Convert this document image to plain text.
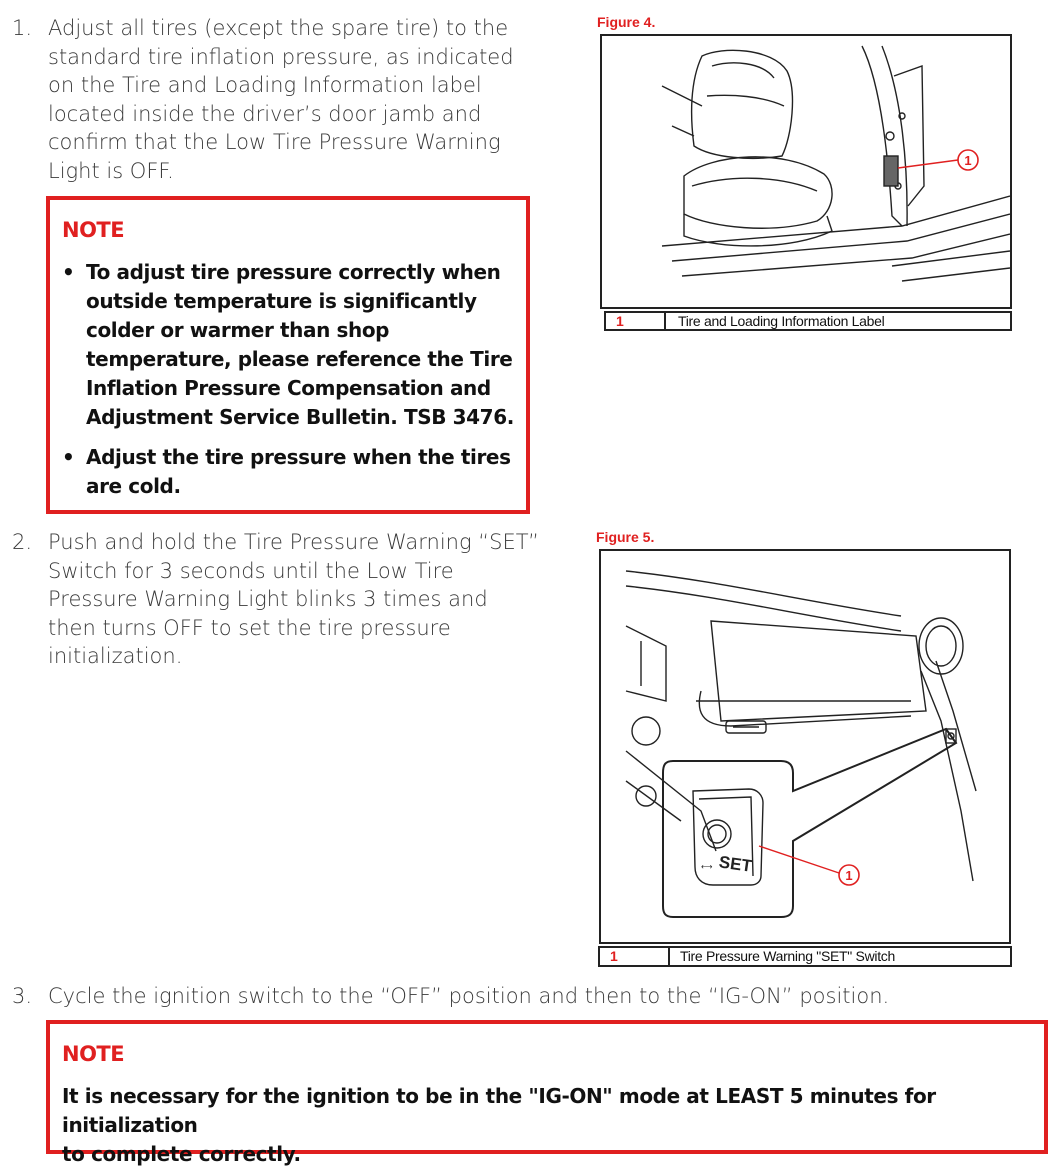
1. Adjust all tires (except the spare tire) to the
standard tire inflation pressure, as indicated
on the Tire and Loading Information label
located inside the driver’s door jamb and
confirm that the Low Tire Pressure Warning
Light is OFF.
NOTE
• To adjust tire pressure correctly when
outside temperature is significantly
colder or warmer than shop
temperature, please reference the Tire
Inflation Pressure Compensation and
Adjustment Service Bulletin. TSB 3476.
• Adjust the tire pressure when the tires
are cold.
2. Push and hold the Tire Pressure Warning “SET”
Switch for 3 seconds until the Low Tire
Pressure Warning Light blinks 3 times and
then turns OFF to set the tire pressure
initialization.
3. Cycle the ignition switch to the “OFF” position and then to the “IG-ON” position.
NOTE
It is necessary for the ignition to be in the "IG-ON" mode at LEAST 5 minutes for initialization
to complete correctly.
Figure 4.
1
1	Tire and Loading Information Label
Figure 5.
⟷ SET	1
1	Tire Pressure Warning "SET" Switch
